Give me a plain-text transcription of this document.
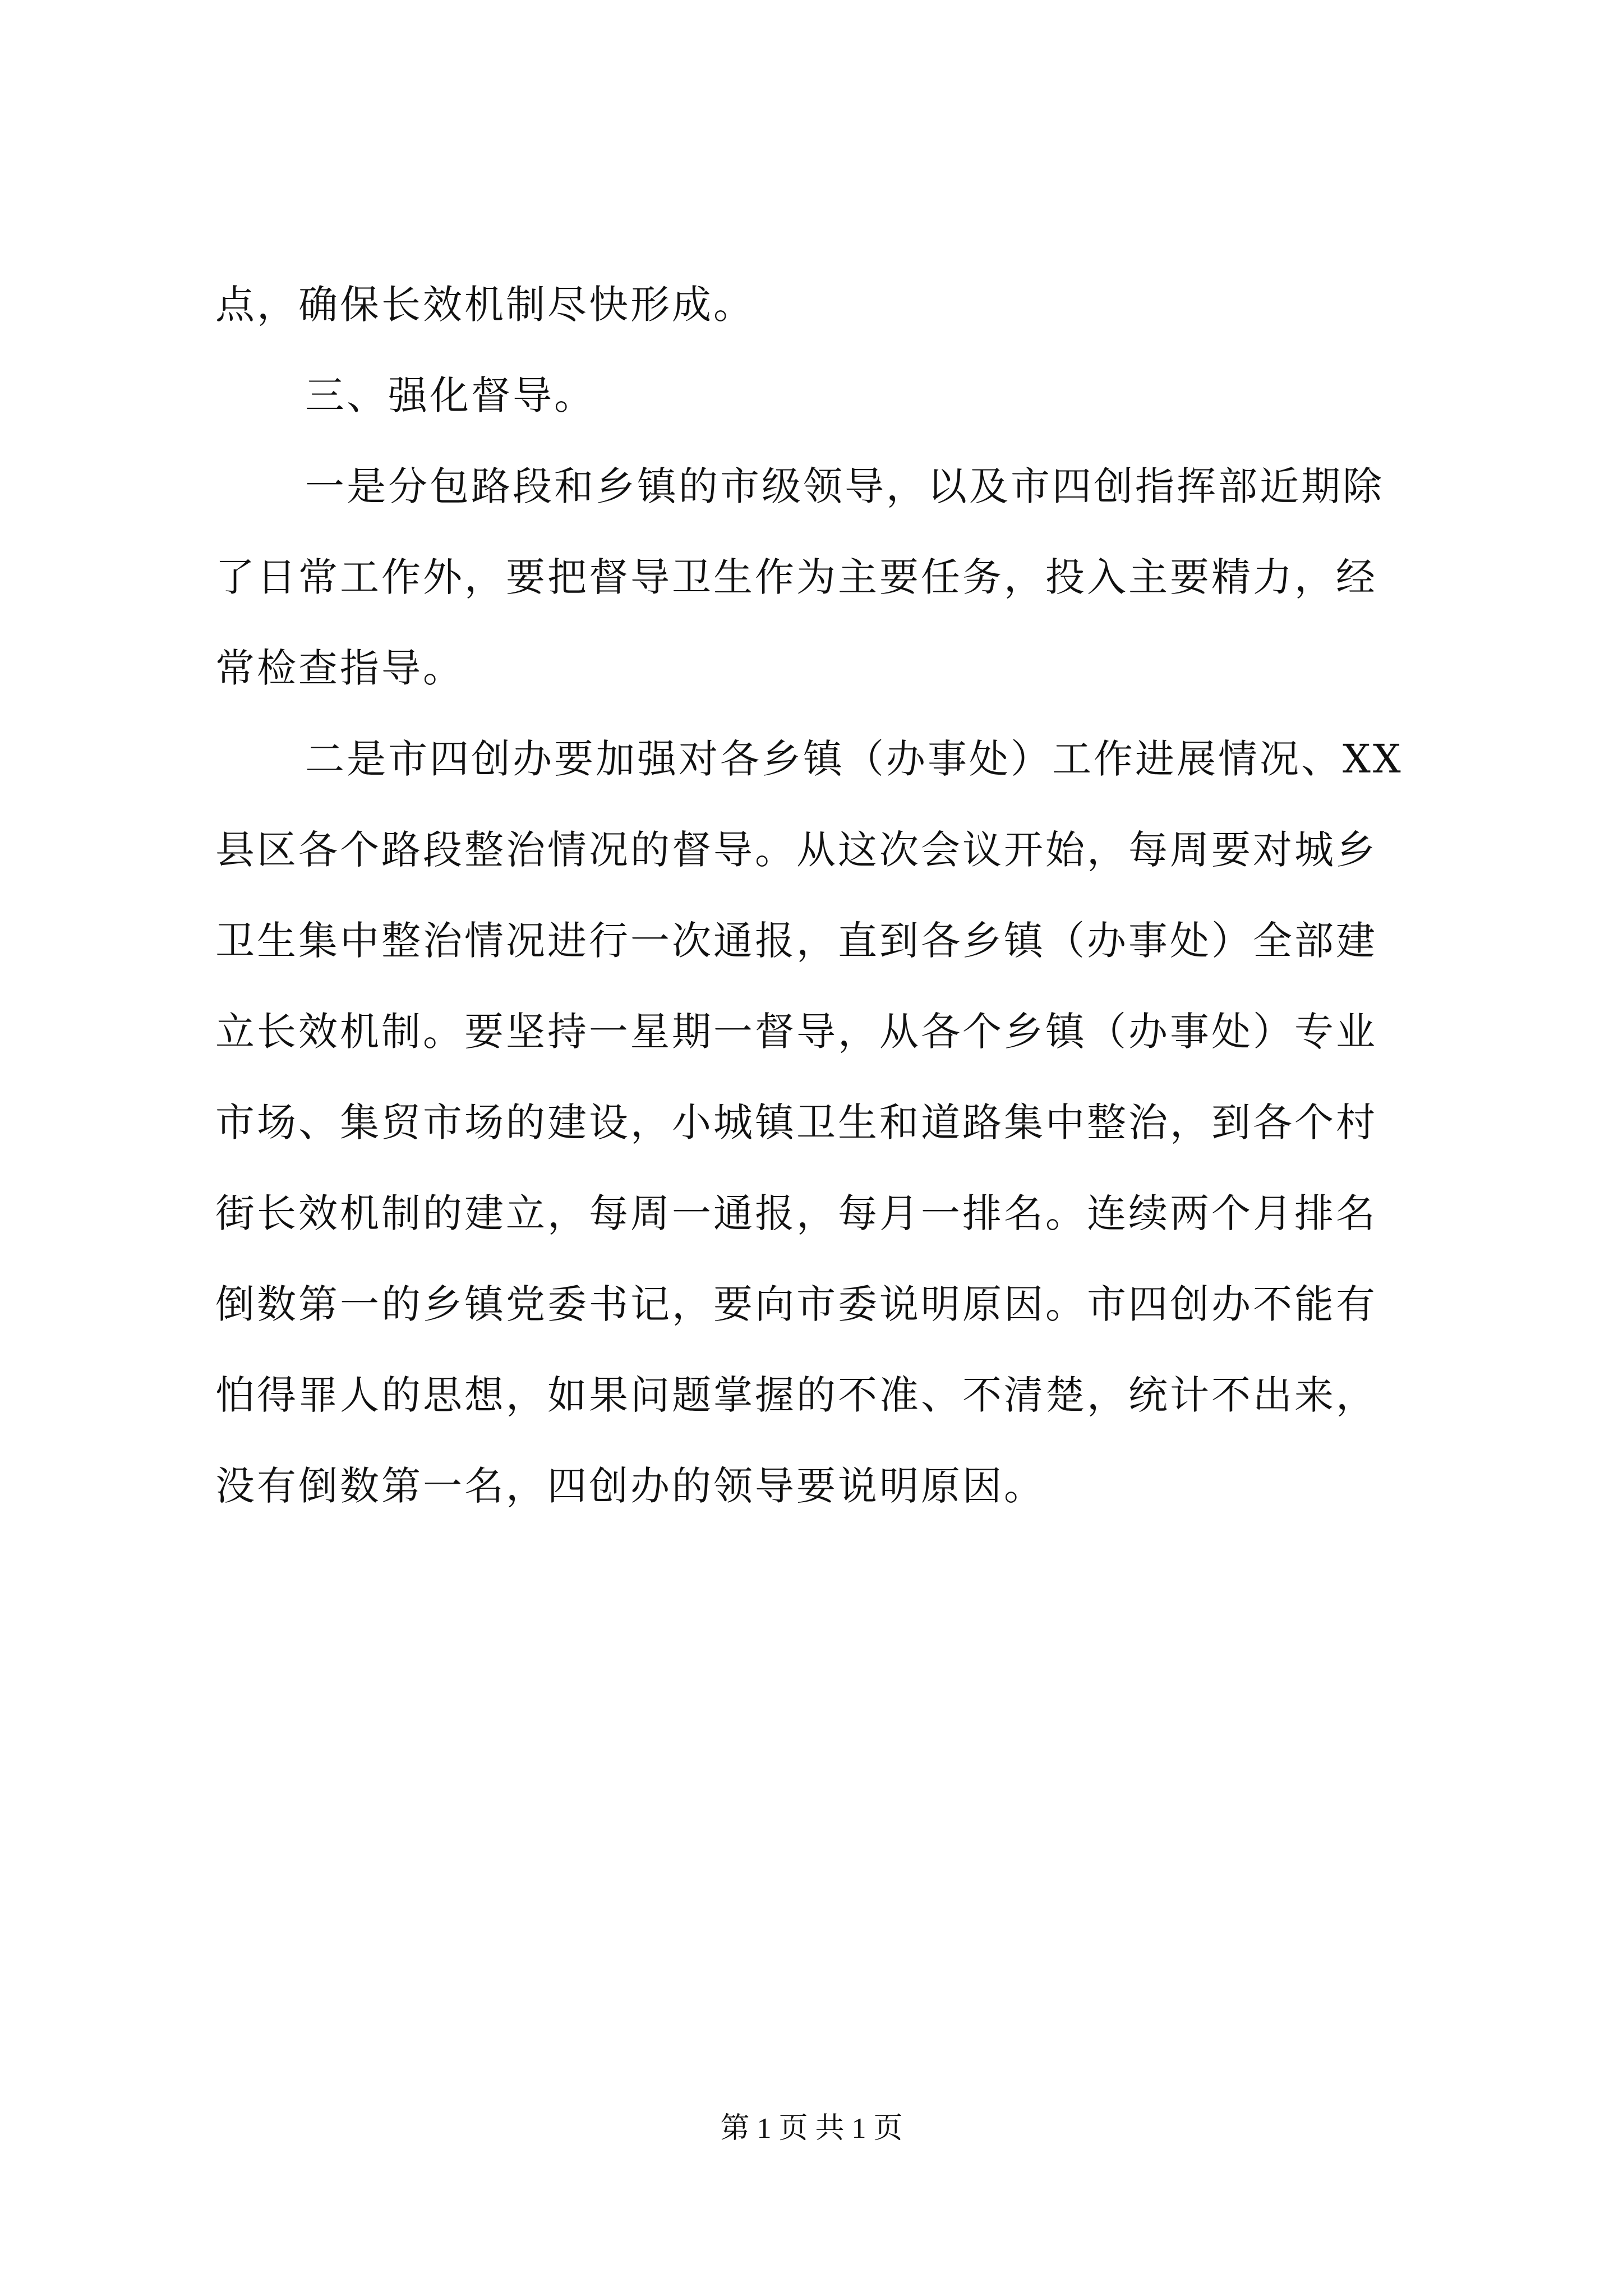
点，确保长效机制尽快形成。
三、强化督导。
一是分包路段和乡镇的市级领导，以及市四创指挥部近期除
了日常工作外，要把督导卫生作为主要任务，投入主要精力，经
常检查指导。
二是市四创办要加强对各乡镇（办事处）工作进展情况、XX
县区各个路段整治情况的督导。从这次会议开始，每周要对城乡
卫生集中整治情况进行一次通报，直到各乡镇（办事处）全部建
立长效机制。要坚持一星期一督导，从各个乡镇（办事处）专业
市场、集贸市场的建设，小城镇卫生和道路集中整治，到各个村
街长效机制的建立，每周一通报，每月一排名。连续两个月排名
倒数第一的乡镇党委书记，要向市委说明原因。市四创办不能有
怕得罪人的思想，如果问题掌握的不准、不清楚，统计不出来，
没有倒数第一名，四创办的领导要说明原因。
第 1 页 共 1 页
